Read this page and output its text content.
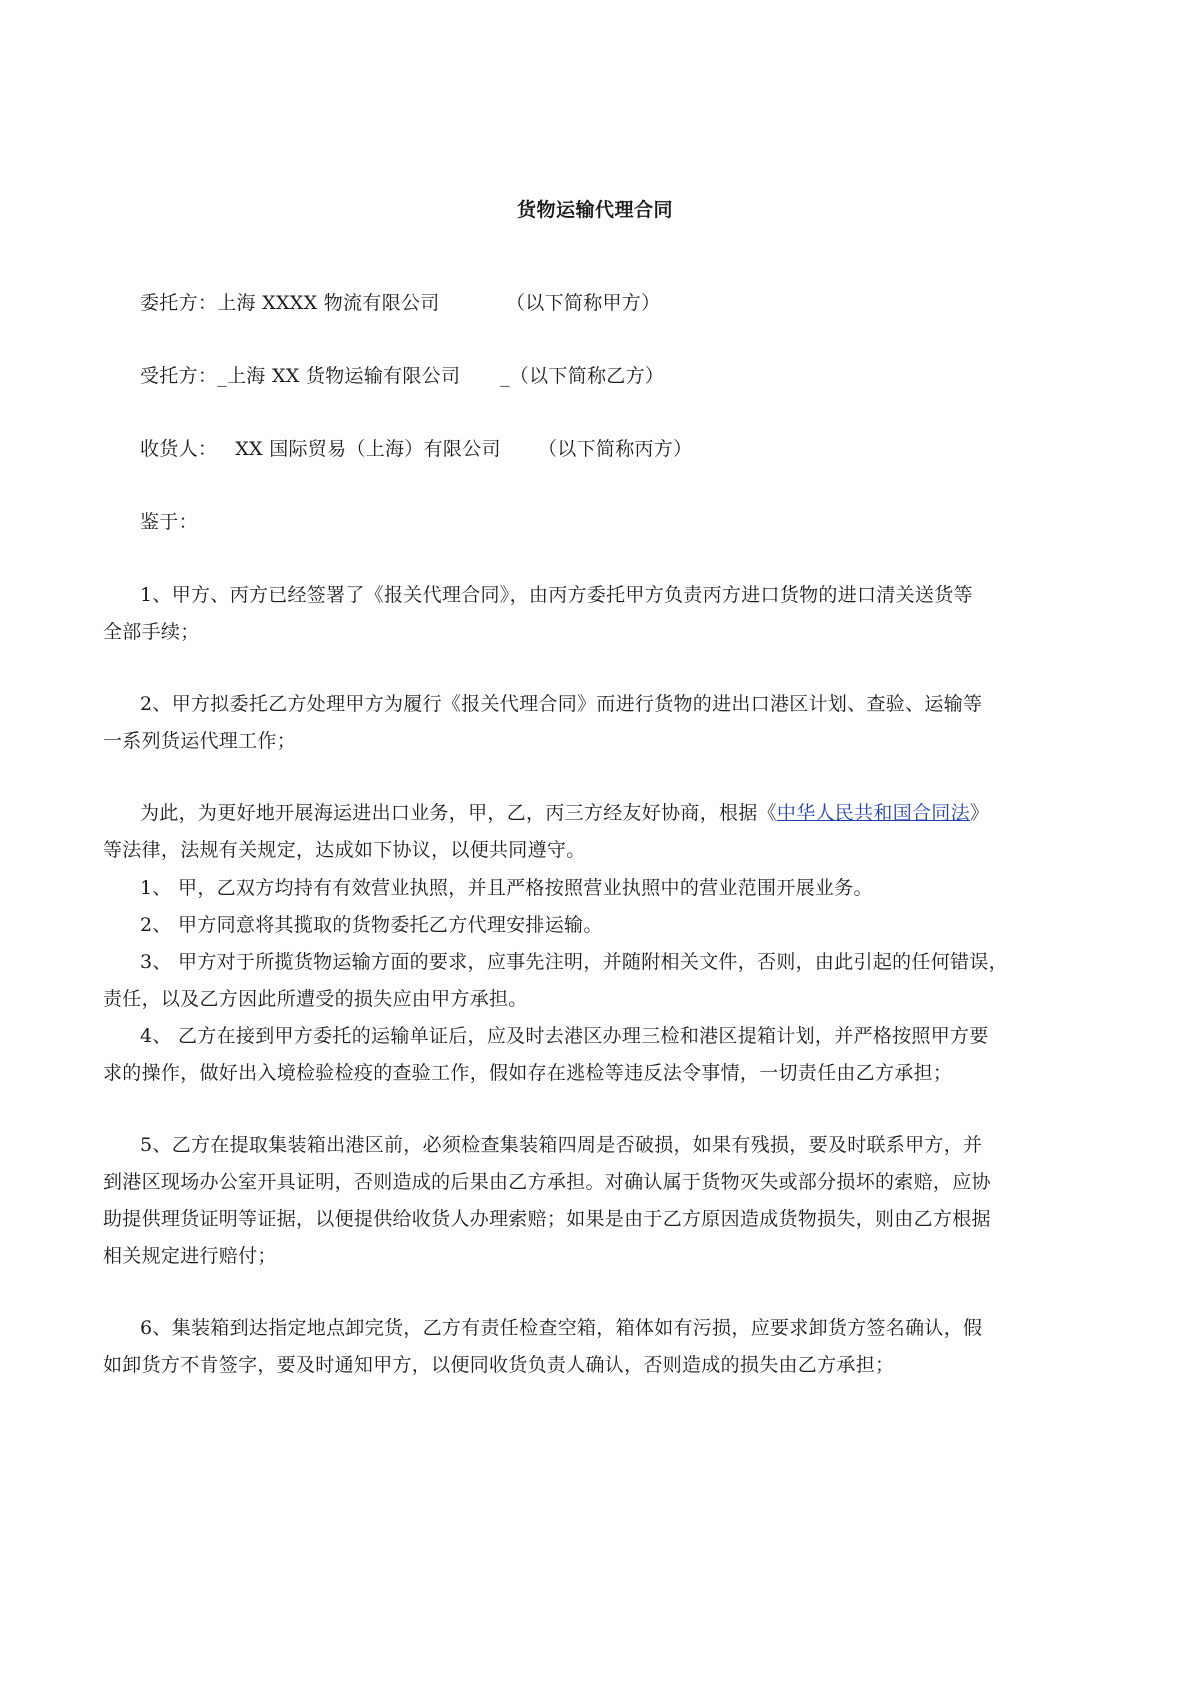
货物运输代理合同
委托方：上海 XXXX 物流有限公司	（以下简称甲方）
受托方：_上海 XX 货物运输有限公司 _（以下简称乙方）
收货人： XX 国际贸易（上海）有限公司 （以下简称丙方）
鉴于：
1、甲方、丙方已经签署了《报关代理合同》，由丙方委托甲方负责丙方进口货物的进口清关送货等
全部手续；
2、甲方拟委托乙方处理甲方为履行《报关代理合同》而进行货物的进出口港区计划、查验、运输等
一系列货运代理工作；
为此，为更好地开展海运进出口业务，甲，乙，丙三方经友好协商，根据《中华人民共和国合同法》
等法律，法规有关规定，达成如下协议，以便共同遵守。
1、 甲，乙双方均持有有效营业执照，并且严格按照营业执照中的营业范围开展业务。
2、 甲方同意将其揽取的货物委托乙方代理安排运输。
3、 甲方对于所揽货物运输方面的要求，应事先注明，并随附相关文件，否则，由此引起的任何错误，
责任，以及乙方因此所遭受的损失应由甲方承担。
4、 乙方在接到甲方委托的运输单证后，应及时去港区办理三检和港区提箱计划，并严格按照甲方要
求的操作，做好出入境检验检疫的查验工作，假如存在逃检等违反法令事情，一切责任由乙方承担；
5、乙方在提取集装箱出港区前，必须检查集装箱四周是否破损，如果有残损，要及时联系甲方，并
到港区现场办公室开具证明，否则造成的后果由乙方承担。对确认属于货物灭失或部分损坏的索赔，应协
助提供理货证明等证据，以便提供给收货人办理索赔；如果是由于乙方原因造成货物损失，则由乙方根据
相关规定进行赔付；
6、集装箱到达指定地点卸完货，乙方有责任检查空箱，箱体如有污损，应要求卸货方签名确认，假
如卸货方不肯签字，要及时通知甲方，以便同收货负责人确认，否则造成的损失由乙方承担；
